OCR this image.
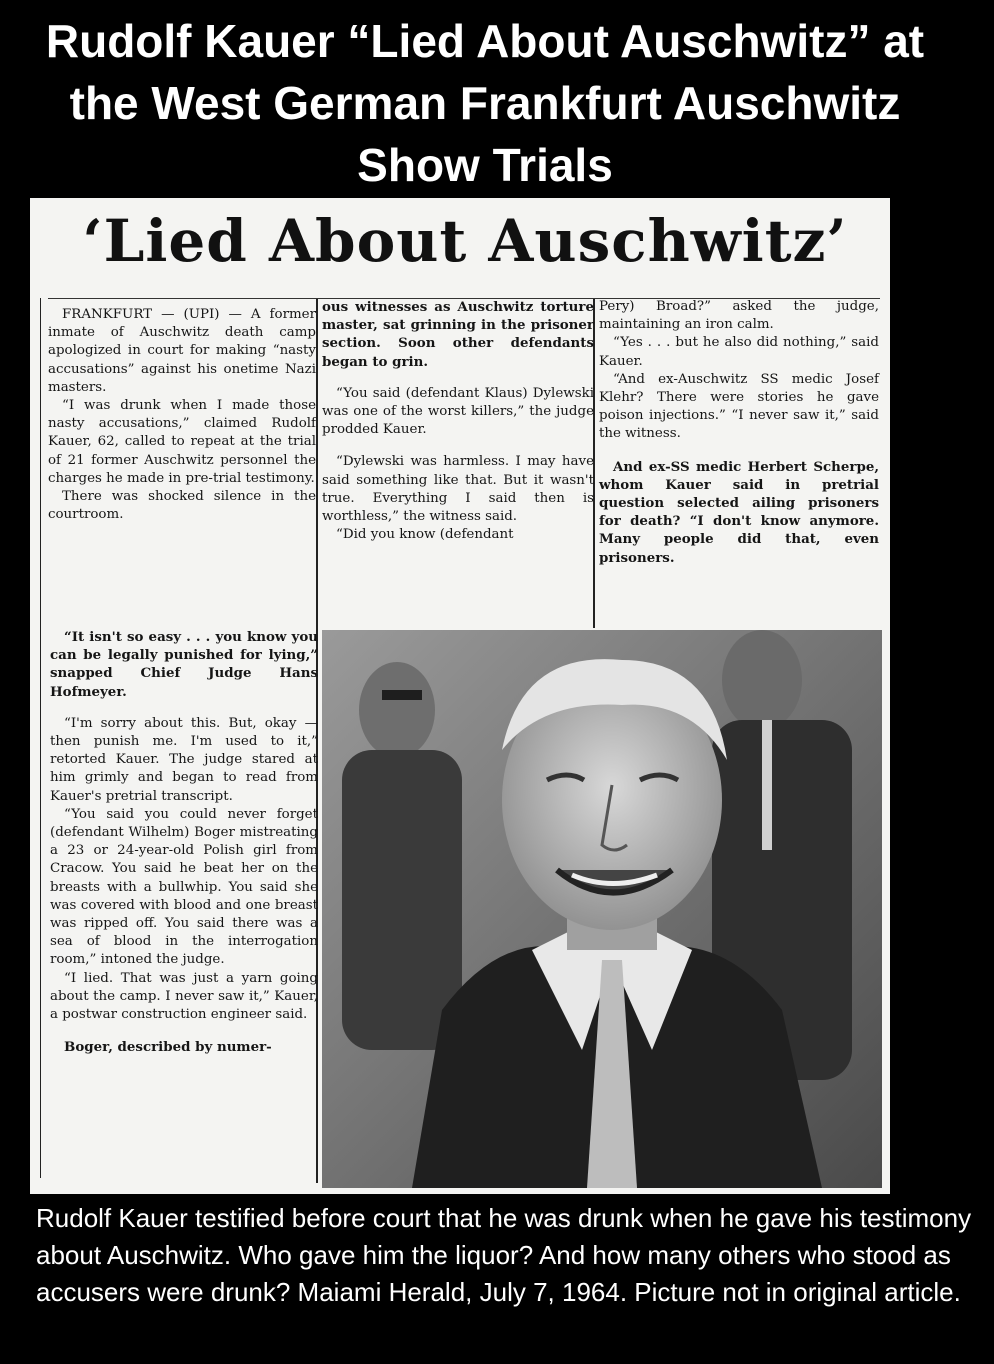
Rudolf Kauer “Lied About Auschwitz” at the West German Frankfurt Auschwitz Show Trials
‘Lied About Auschwitz’

FRANKFURT — (UPI) — A former inmate of Auschwitz death camp apologized in court for making “nasty accusations” against his onetime Nazi masters.

“I was drunk when I made those nasty accusations,” claimed Rudolf Kauer, 62, called to repeat at the trial of 21 former Auschwitz personnel the charges he made in pre-trial testimony.

There was shocked silence in the courtroom.

“It isn't so easy . . . you know you can be legally punished for lying,” snapped Chief Judge Hans Hofmeyer.

“I'm sorry about this. But, okay — then punish me. I'm used to it,” retorted Kauer. The judge stared at him grimly and began to read from Kauer's pretrial transcript.

“You said you could never forget (defendant Wilhelm) Boger mistreating a 23 or 24-year-old Polish girl from Cracow. You said he beat her on the breasts with a bullwhip. You said she was covered with blood and one breast was ripped off. You said there was a sea of blood in the interrogation room,” intoned the judge.

“I lied. That was just a yarn going about the camp. I never saw it,” Kauer, a postwar construction engineer said.

Boger, described by numer-

ous witnesses as Auschwitz torture master, sat grinning in the prisoner section. Soon other defendants began to grin.

“You said (defendant Klaus) Dylewski was one of the worst killers,” the judge prodded Kauer.

“Dylewski was harmless. I may have said something like that. But it wasn't true. Everything I said then is worthless,” the witness said.

“Did you know (defendant

Pery) Broad?” asked the judge, maintaining an iron calm.

“Yes . . . but he also did nothing,” said Kauer.

“And ex-Auschwitz SS medic Josef Klehr? There were stories he gave poison injections.” “I never saw it,” said the witness.

And ex-SS medic Herbert Scherpe, whom Kauer said in pretrial question selected ailing prisoners for death? “I don't know anymore. Many people did that, even prisoners.

Rudolf Kauer testified before court that he was drunk when he gave his testimony about Auschwitz. Who gave him the liquor? And how many others who stood as accusers were drunk? Maiami Herald, July 7, 1964. Picture not in original article.
